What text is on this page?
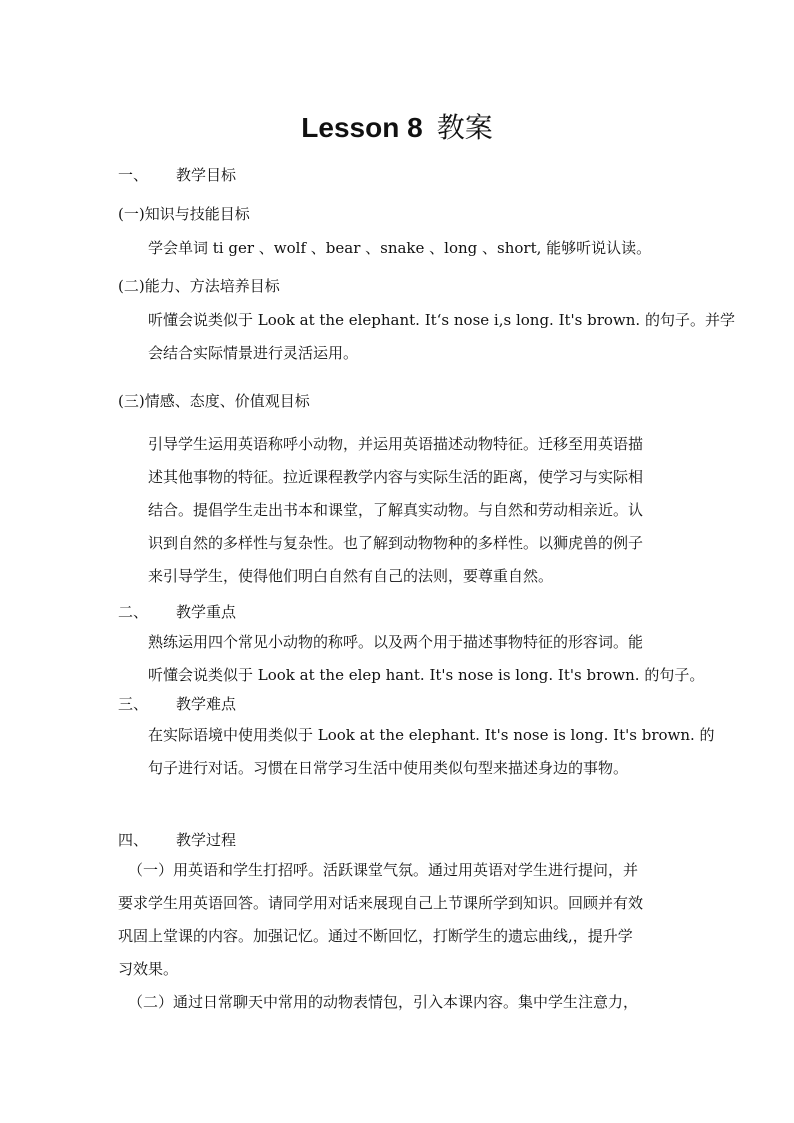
Lesson 8 教案
一、 教学目标
(一)知识与技能目标
学会单词 ti ger 、wolf 、bear 、snake 、long 、short, 能够听说认读。
(二)能力、方法培养目标
听懂会说类似于 Look at the elephant. It‘s nose i,s long. It's brown. 的句子。并学
会结合实际情景进行灵活运用。
(三)情感、态度、价值观目标
引导学生运用英语称呼小动物，并运用英语描述动物特征。迁移至用英语描
述其他事物的特征。拉近课程教学内容与实际生活的距离，使学习与实际相
结合。提倡学生走出书本和课堂，了解真实动物。与自然和劳动相亲近。认
识到自然的多样性与复杂性。也了解到动物物种的多样性。以狮虎兽的例子
来引导学生，使得他们明白自然有自己的法则，要尊重自然。
二、 教学重点
熟练运用四个常见小动物的称呼。以及两个用于描述事物特征的形容词。能
听懂会说类似于 Look at the elep hant. It's nose is long. It's brown. 的句子。
三、 教学难点
在实际语境中使用类似于 Look at the elephant. It's nose is long. It's brown. 的
句子进行对话。习惯在日常学习生活中使用类似句型来描述身边的事物。
四、 教学过程
（一）用英语和学生打招呼。活跃课堂气氛。通过用英语对学生进行提问，并
要求学生用英语回答。请同学用对话来展现自己上节课所学到知识。回顾并有效
巩固上堂课的内容。加强记忆。通过不断回忆，打断学生的遗忘曲线,，提升学
习效果。
（二）通过日常聊天中常用的动物表情包，引入本课内容。集中学生注意力，
